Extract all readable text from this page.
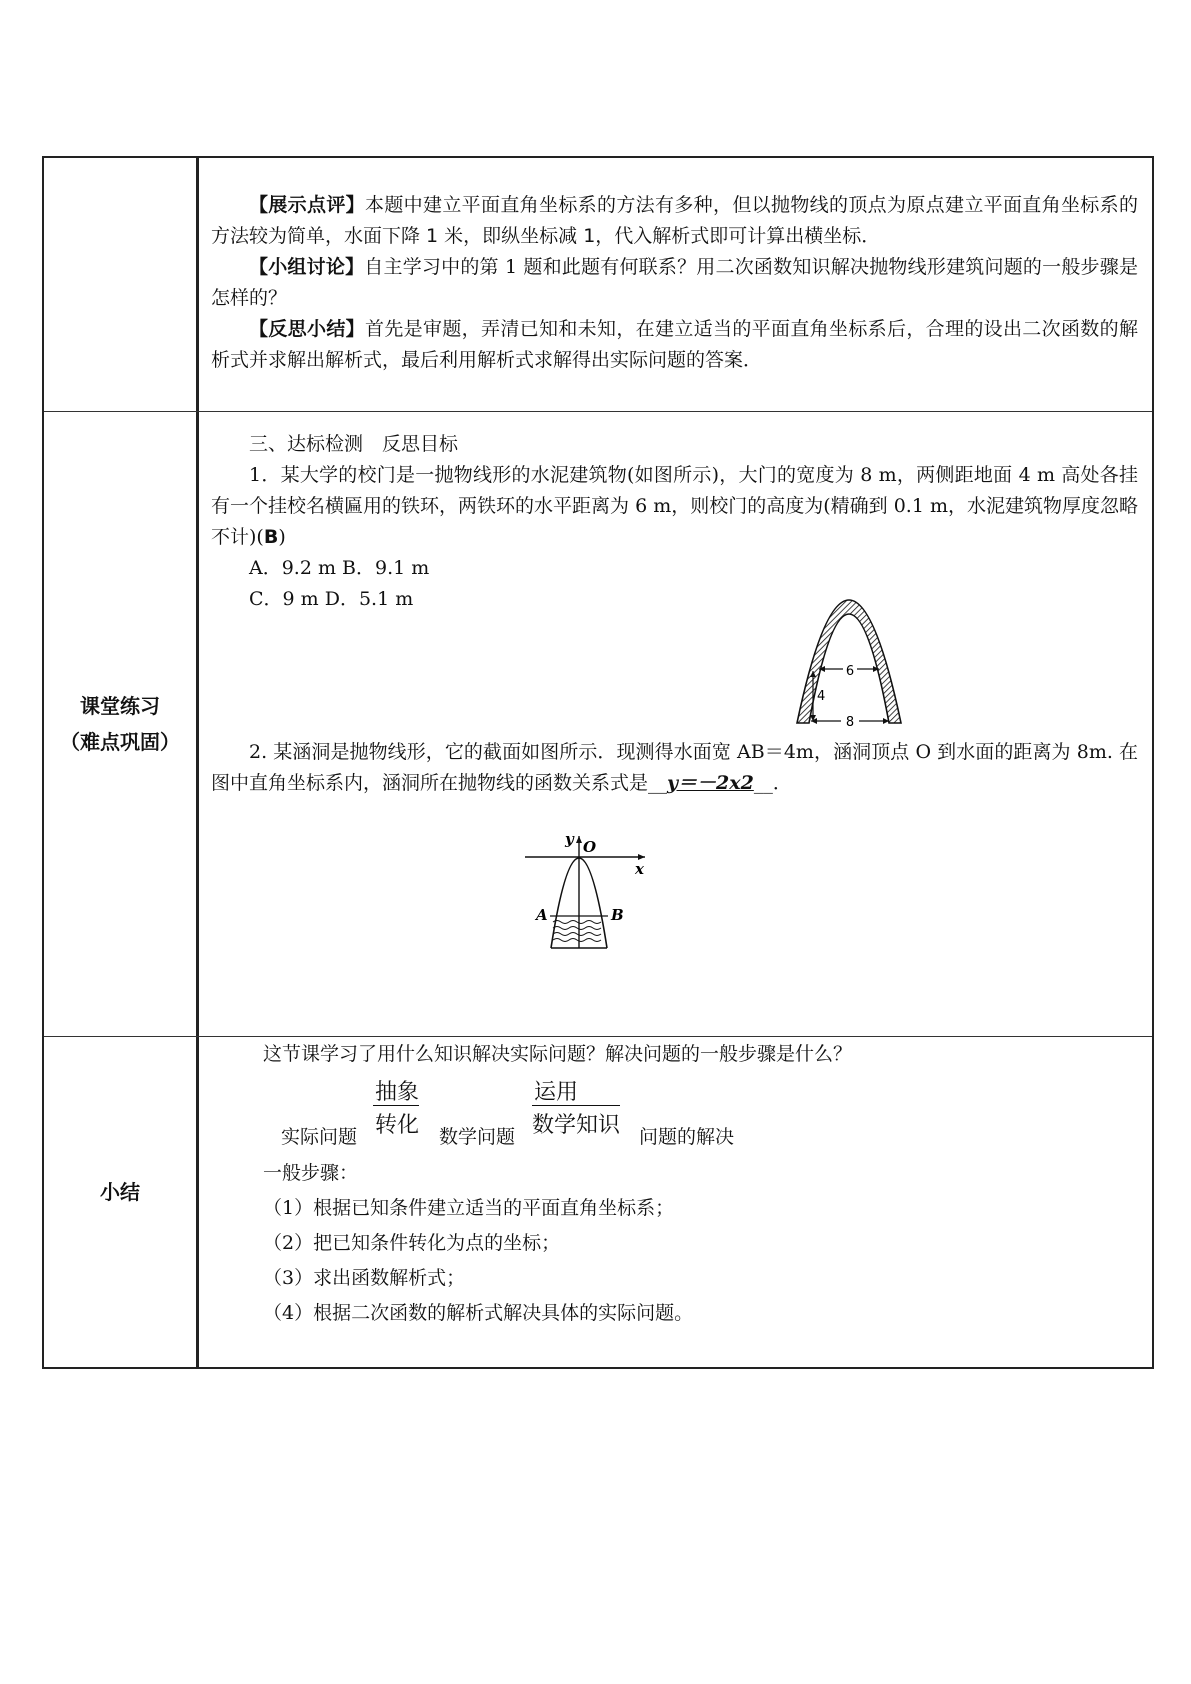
【展示点评】本题中建立平面直角坐标系的方法有多种，但以抛物线的顶点为原点建立平面直角坐标系的方法较为简单，水面下降 1 米，即纵坐标减 1，代入解析式即可计算出横坐标．

【小组讨论】自主学习中的第 1 题和此题有何联系？用二次函数知识解决抛物线形建筑问题的一般步骤是怎样的？

【反思小结】首先是审题，弄清已知和未知，在建立适当的平面直角坐标系后，合理的设出二次函数的解析式并求解出解析式，最后利用解析式求解得出实际问题的答案．

课堂练习
（难点巩固）

三、达标检测　反思目标

1．某大学的校门是一抛物线形的水泥建筑物(如图所示)，大门的宽度为 8 m，两侧距地面 4 m 高处各挂有一个挂校名横匾用的铁环，两铁环的水平距离为 6 m，则校门的高度为(精确到 0.1 m，水泥建筑物厚度忽略不计)(B)

A．9.2 m B．9.1 m

C．9 m D．5.1 m

6
4
8

2. 某涵洞是抛物线形，它的截面如图所示．现测得水面宽 AB＝4m，涵洞顶点 O 到水面的距离为 8m. 在图中直角坐标系内，涵洞所在抛物线的函数关系式是__y＝－2x2__．

y O
x
A	B
小结

这节课学习了用什么知识解决实际问题？解决问题的一般步骤是什么？

实际问题
抽象
转化 数学问题
运用
数学知识 问题的解决

一般步骤：

（1）根据已知条件建立适当的平面直角坐标系；

（2）把已知条件转化为点的坐标；

（3）求出函数解析式；

（4）根据二次函数的解析式解决具体的实际问题。
